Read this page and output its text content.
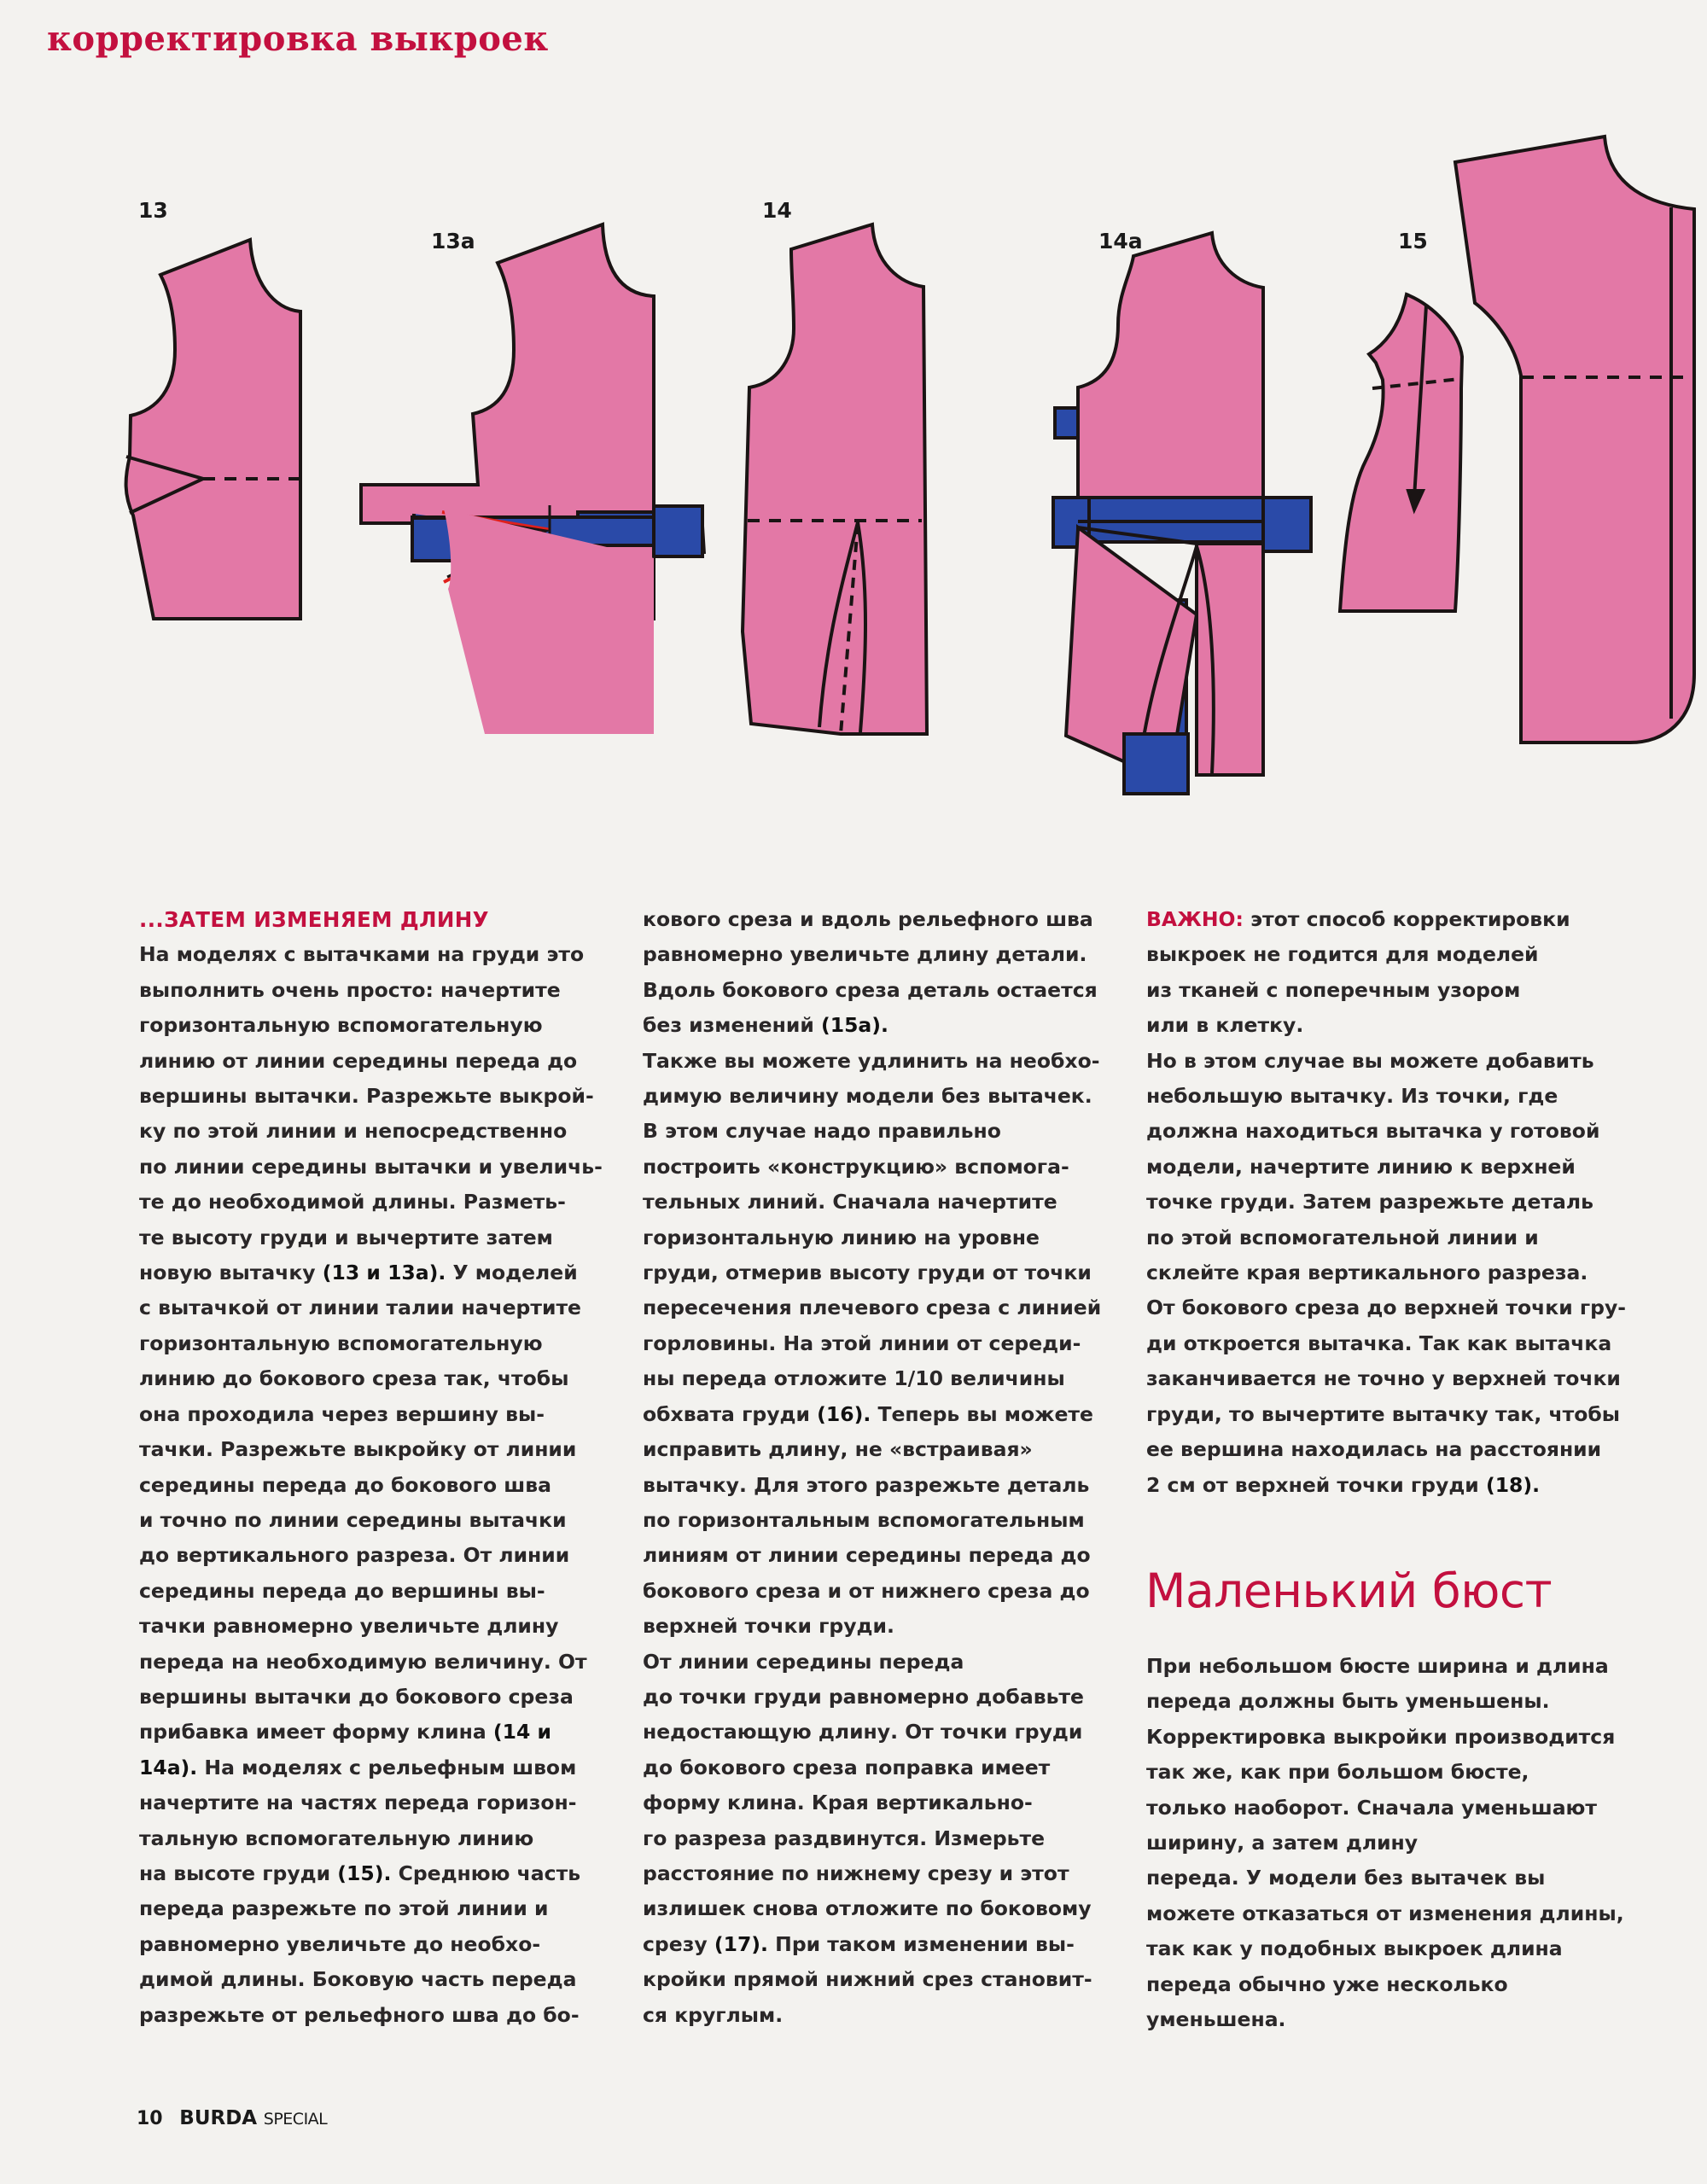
корректировка выкроек
13
13a
14
14a	15
...ЗАТЕМ ИЗМЕНЯЕМ ДЛИНУ
На моделях с вытачками на груди это
выполнить очень просто: начертите
горизонтальную вспомогательную
линию от линии середины переда до
вершины вытачки. Разрежьте выкрой-
ку по этой линии и непосредственно
по линии середины вытачки и увеличь-
те до необходимой длины. Разметь-
те высоту груди и вычертите затем
новую вытачку (13 и 13а). У моделей
с вытачкой от линии талии начертите
горизонтальную вспомогательную
линию до бокового среза так, чтобы
она проходила через вершину вы-
тачки. Разрежьте выкройку от линии
середины переда до бокового шва
и точно по линии середины вытачки
до вертикального разреза. От линии
середины переда до вершины вы-
тачки равномерно увеличьте длину
переда на необходимую величину. От
вершины вытачки до бокового среза
прибавка имеет форму клина (14 и
14а). На моделях с рельефным швом
начертите на частях переда горизон-
тальную вспомогательную линию
на высоте груди (15). Среднюю часть
переда разрежьте по этой линии и
равномерно увеличьте до необхо-
димой длины. Боковую часть переда
разрежьте от рельефного шва до бо-
кового среза и вдоль рельефного шва
равномерно увеличьте длину детали.
Вдоль бокового среза деталь остается
без изменений (15a).
Также вы можете удлинить на необхо-
димую величину модели без вытачек.
В этом случае надо правильно
построить «конструкцию» вспомога-
тельных линий. Сначала начертите
горизонтальную линию на уровне
груди, отмерив высоту груди от точки
пересечения плечевого среза с линией
горловины. На этой линии от середи-
ны переда отложите 1/10 величины
обхвата груди (16). Теперь вы можете
исправить длину, не «встраивая»
вытачку. Для этого разрежьте деталь
по горизонтальным вспомогательным
линиям от линии середины переда до
бокового среза и от нижнего среза до
верхней точки груди.
От линии середины переда
до точки груди равномерно добавьте
недостающую длину. От точки груди
до бокового среза поправка имеет
форму клина. Края вертикально-
го разреза раздвинутся. Измерьте
расстояние по нижнему срезу и этот
излишек снова отложите по боковому
срезу (17). При таком изменении вы-
кройки прямой нижний срез становит-
ся круглым.
ВАЖНО: этот способ корректировки
выкроек не годится для моделей
из тканей с поперечным узором
или в клетку.
Но в этом случае вы можете добавить
небольшую вытачку. Из точки, где
должна находиться вытачка у готовой
модели, начертите линию к верхней
точке груди. Затем разрежьте деталь
по этой вспомогательной линии и
склейте края вертикального разреза.
От бокового среза до верхней точки гру-
ди откроется вытачка. Так как вытачка
заканчивается не точно у верхней точки
груди, то вычертите вытачку так, чтобы
ее вершина находилась на расстоянии
2 см от верхней точки груди (18).
Маленький бюст
При небольшом бюсте ширина и длина
переда должны быть уменьшены.
Корректировка выкройки производится
так же, как при большом бюсте,
только наоборот. Сначала уменьшают
ширину, а затем длину
переда. У модели без вытачек вы
можете отказаться от изменения длины,
так как у подобных выкроек длина
переда обычно уже несколько
уменьшена.
10 BURDA SPECIAL
